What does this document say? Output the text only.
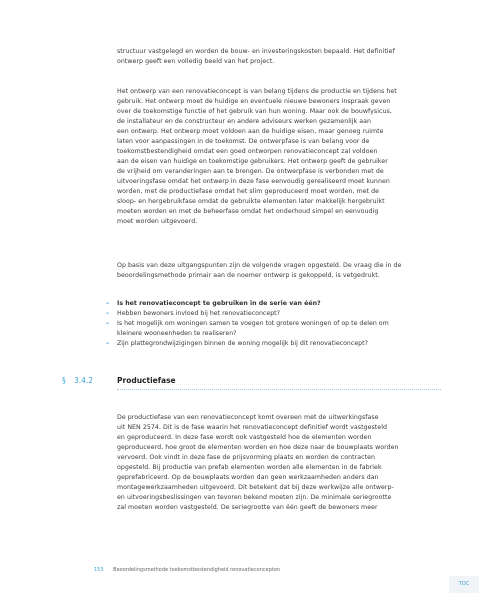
structuur vastgelegd en worden de bouw- en investeringskosten bepaald. Het definitief
ontwerp geeft een volledig beeld van het project.
Het ontwerp van een renovatieconcept is van belang tijdens de productie en tijdens het
gebruik. Het ontwerp moet de huidige en eventuele nieuwe bewoners inspraak geven
over de toekomstige functie of het gebruik van hun woning. Maar ook de bouwfysicus,
de installateur en de constructeur en andere adviseurs werken gezamenlijk aan
een ontwerp. Het ontwerp moet voldoen aan de huidige eisen, maar genoeg ruimte
laten voor aanpassingen in de toekomst. De ontwerpfase is van belang voor de
toekomstbestendigheid omdat een goed ontworpen renovatieconcept zal voldoen
aan de eisen van huidige en toekomstige gebruikers. Het ontwerp geeft de gebruiker
de vrijheid om veranderingen aan te brengen. De ontwerpfase is verbonden met de
uitvoeringsfase omdat het ontwerp in deze fase eenvoudig gerealiseerd moet kunnen
worden, met de productiefase omdat het slim geproduceerd moet worden, met de
sloop- en hergebruikfase omdat de gebruikte elementen later makkelijk hergebruikt
moeten worden en met de beheerfase omdat het onderhoud simpel en eenvoudig
moet worden uitgevoerd.
Op basis van deze uitgangspunten zijn de volgende vragen opgesteld. De vraag die in de
beoordelingsmethode primair aan de noemer ontwerp is gekoppeld, is vetgedrukt.
– Is het renovatieconcept te gebruiken in de serie van één?
– Hebben bewoners invloed bij het renovatieconcept?
– Is het mogelijk om woningen samen te voegen tot grotere woningen of op te delen om
kleinere wooneenheden te realiseren?
– Zijn plattegrondwijzigingen binnen de woning mogelijk bij dit renovatieconcept?
§ 3.4.2	Productiefase
De productiefase van een renovatieconcept komt overeen met de uitwerkingsfase
uit NEN 2574. Dit is de fase waarin het renovatieconcept definitief wordt vastgesteld
en geproduceerd. In deze fase wordt ook vastgesteld hoe de elementen worden
geproduceerd, hoe groot de elementen worden en hoe deze naar de bouwplaats worden
vervoerd. Ook vindt in deze fase de prijsvorming plaats en worden de contracten
opgesteld. Bij productie van prefab elementen worden alle elementen in de fabriek
geprefabriceerd. Op de bouwplaats worden dan geen werkzaamheden anders dan
montagewerkzaamheden uitgevoerd. Dit betekent dat bij deze werkwijze alle ontwerp-
en uitvoeringsbeslissingen van tevoren bekend moeten zijn. De minimale seriegrootte
zal moeten worden vastgesteld. De seriegrootte van één geeft de bewoners meer
153 Beoordelingsmethode toekomstbestendigheid renovatieconcepten
TOC
